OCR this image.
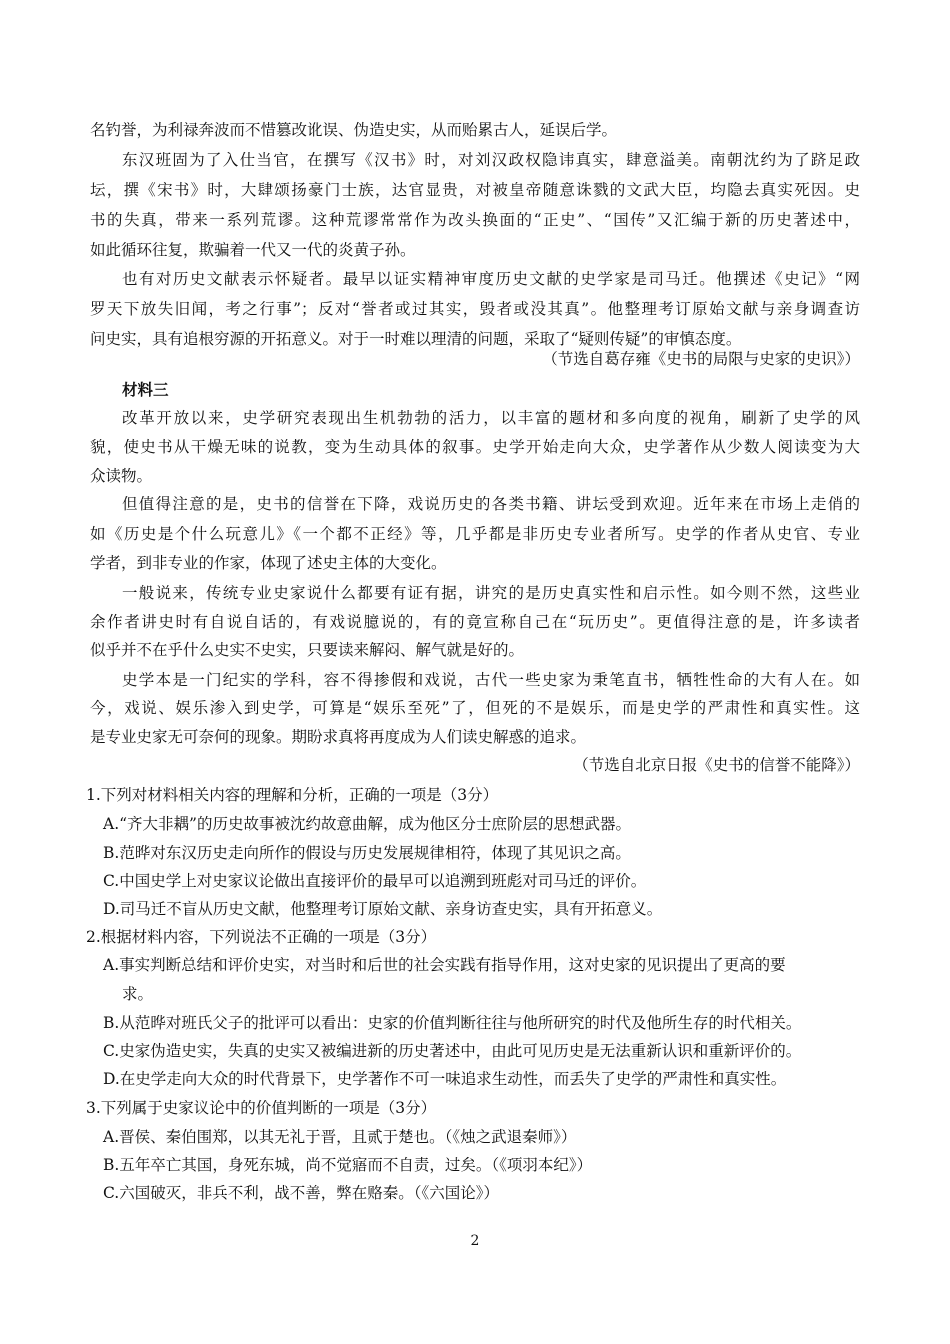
名钓誉，为利禄奔波而不惜篡改讹误、伪造史实，从而贻累古人，延误后学。
东汉班固为了入仕当官，在撰写《汉书》时，对刘汉政权隐讳真实，肆意溢美。南朝沈约为了跻足政
坛，撰《宋书》时，大肆颂扬豪门士族，达官显贵，对被皇帝随意诛戮的文武大臣，均隐去真实死因。史
书的失真，带来一系列荒谬。这种荒谬常常作为改头换面的“正史”、“国传”又汇编于新的历史著述中，
如此循环往复，欺骗着一代又一代的炎黄子孙。
也有对历史文献表示怀疑者。最早以证实精神审度历史文献的史学家是司马迁。他撰述《史记》“网
罗天下放失旧闻，考之行事”；反对“誉者或过其实，毁者或没其真”。他整理考订原始文献与亲身调查访
问史实，具有追根穷源的开拓意义。对于一时难以理清的问题，采取了“疑则传疑”的审慎态度。
（节选自葛存雍《史书的局限与史家的史识》）
材料三
改革开放以来，史学研究表现出生机勃勃的活力，以丰富的题材和多向度的视角，刷新了史学的风
貌，使史书从干燥无味的说教，变为生动具体的叙事。史学开始走向大众，史学著作从少数人阅读变为大
众读物。
但值得注意的是，史书的信誉在下降，戏说历史的各类书籍、讲坛受到欢迎。近年来在市场上走俏的
如《历史是个什么玩意儿》《一个都不正经》等，几乎都是非历史专业者所写。史学的作者从史官、专业
学者，到非专业的作家，体现了述史主体的大变化。
一般说来，传统专业史家说什么都要有证有据，讲究的是历史真实性和启示性。如今则不然，这些业
余作者讲史时有自说自话的，有戏说臆说的，有的竟宣称自己在“玩历史”。更值得注意的是，许多读者
似乎并不在乎什么史实不史实，只要读来解闷、解气就是好的。
史学本是一门纪实的学科，容不得掺假和戏说，古代一些史家为秉笔直书，牺牲性命的大有人在。如
今，戏说、娱乐渗入到史学，可算是“娱乐至死”了，但死的不是娱乐，而是史学的严肃性和真实性。这
是专业史家无可奈何的现象。期盼求真将再度成为人们读史解惑的追求。
（节选自北京日报《史书的信誉不能降》）
1.下列对材料相关内容的理解和分析，正确的一项是（3分）
A.“齐大非耦”的历史故事被沈约故意曲解，成为他区分士庶阶层的思想武器。
B.范晔对东汉历史走向所作的假设与历史发展规律相符，体现了其见识之高。
C.中国史学上对史家议论做出直接评价的最早可以追溯到班彪对司马迁的评价。
D.司马迁不盲从历史文献，他整理考订原始文献、亲身访查史实，具有开拓意义。
2.根据材料内容，下列说法不正确的一项是（3分）
A.事实判断总结和评价史实，对当时和后世的社会实践有指导作用，这对史家的见识提出了更高的要
求。
B.从范晔对班氏父子的批评可以看出：史家的价值判断往往与他所研究的时代及他所生存的时代相关。
C.史家伪造史实，失真的史实又被编进新的历史著述中，由此可见历史是无法重新认识和重新评价的。
D.在史学走向大众的时代背景下，史学著作不可一味追求生动性，而丢失了史学的严肃性和真实性。
3.下列属于史家议论中的价值判断的一项是（3分）
A.晋侯、秦伯围郑，以其无礼于晋，且贰于楚也。（《烛之武退秦师》）
B.五年卒亡其国，身死东城，尚不觉寤而不自责，过矣。（《项羽本纪》）
C.六国破灭，非兵不利，战不善，弊在赂秦。（《六国论》）
2
